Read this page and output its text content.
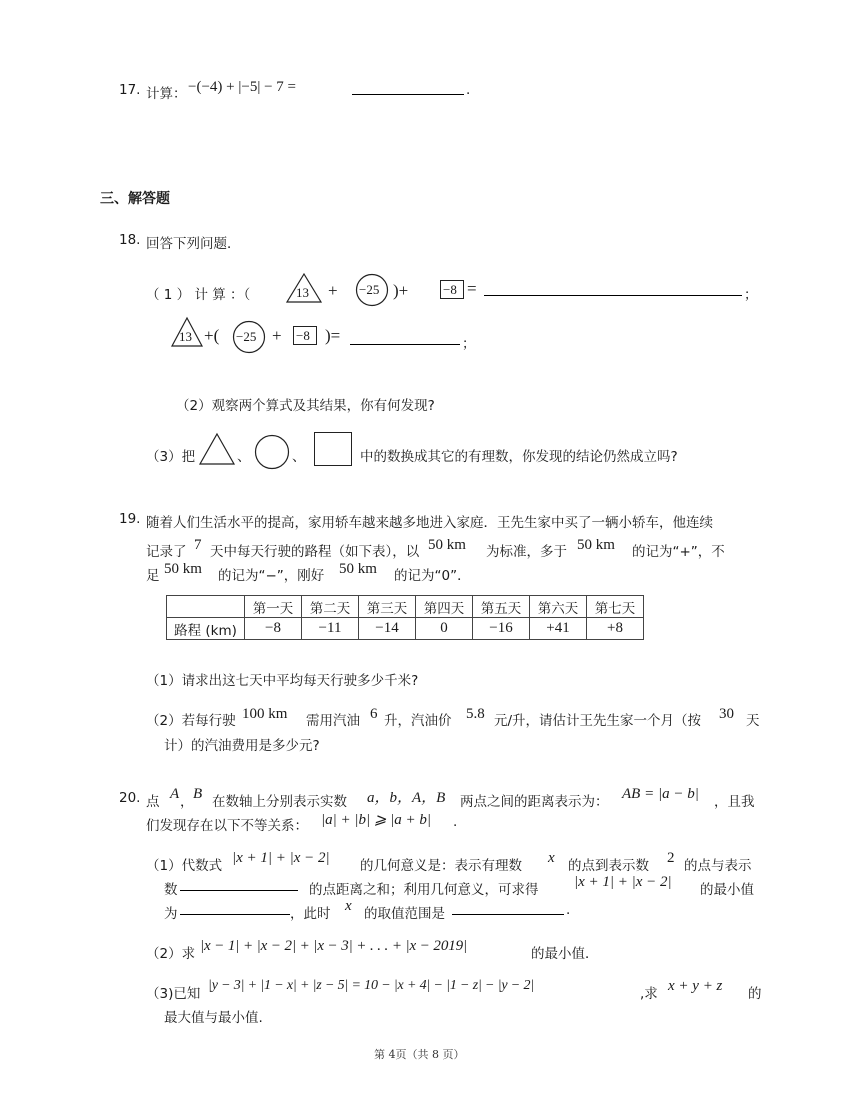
17. 计算： −(−4) + |−5| − 7 =	.
三、解答题
18. 回答下列问题．
（ 1 ） 计 算 ：（	13 + −25 )+	−8 =	；
13 +( −25 + −8 )=	；
（2）观察两个算式及其结果，你有何发现?
（3）把	、	、	中的数换成其它的有理数，你发现的结论仍然成立吗?
19. 随着人们生活水平的提高，家用轿车越来越多地进入家庭．王先生家中买了一辆小轿车，他连续
记录了 7 天中每天行驶的路程（如下表），以 50 km 为标准，多于 50 km 的记为“+”，不
足 50 km 的记为“−”，刚好 50 km 的记为“0”．
	第一天	第二天	第三天	第四天	第五天	第六天	第七天
路程 (km)	−8	−11	−14	0	−16	+41	+8
（1）请求出这七天中平均每天行驶多少千米?
（2）若每行驶 100 km 需用汽油 6 升，汽油价 5.8 元/升，请估计王先生家一个月（按 30 天
计）的汽油费用是多少元?
20. 点 A ， B 在数轴上分别表示实数 a，b，A，B 两点之间的距离表示为： AB = |a − b| ，且我
们发现存在以下不等关系： |a| + |b| ⩾ |a + b| .
（1）代数式 |x + 1| + |x − 2| 的几何意义是：表示有理数 x 的点到表示数 2 的点与表示
数	的点距离之和；利用几何意义，可求得 |x + 1| + |x − 2| 的最小值
为	，此时 x 的取值范围是	.
（2）求 |x − 1| + |x − 2| + |x − 3| + . . . + |x − 2019|	的最小值．
（3)已知
|y − 3| + |1 − x| + |z − 5| = 10 − |x + 4| − |1 − z| − |y − 2|
,求 x + y + z 的
最大值与最小值.
第 4页（共 8 页）
